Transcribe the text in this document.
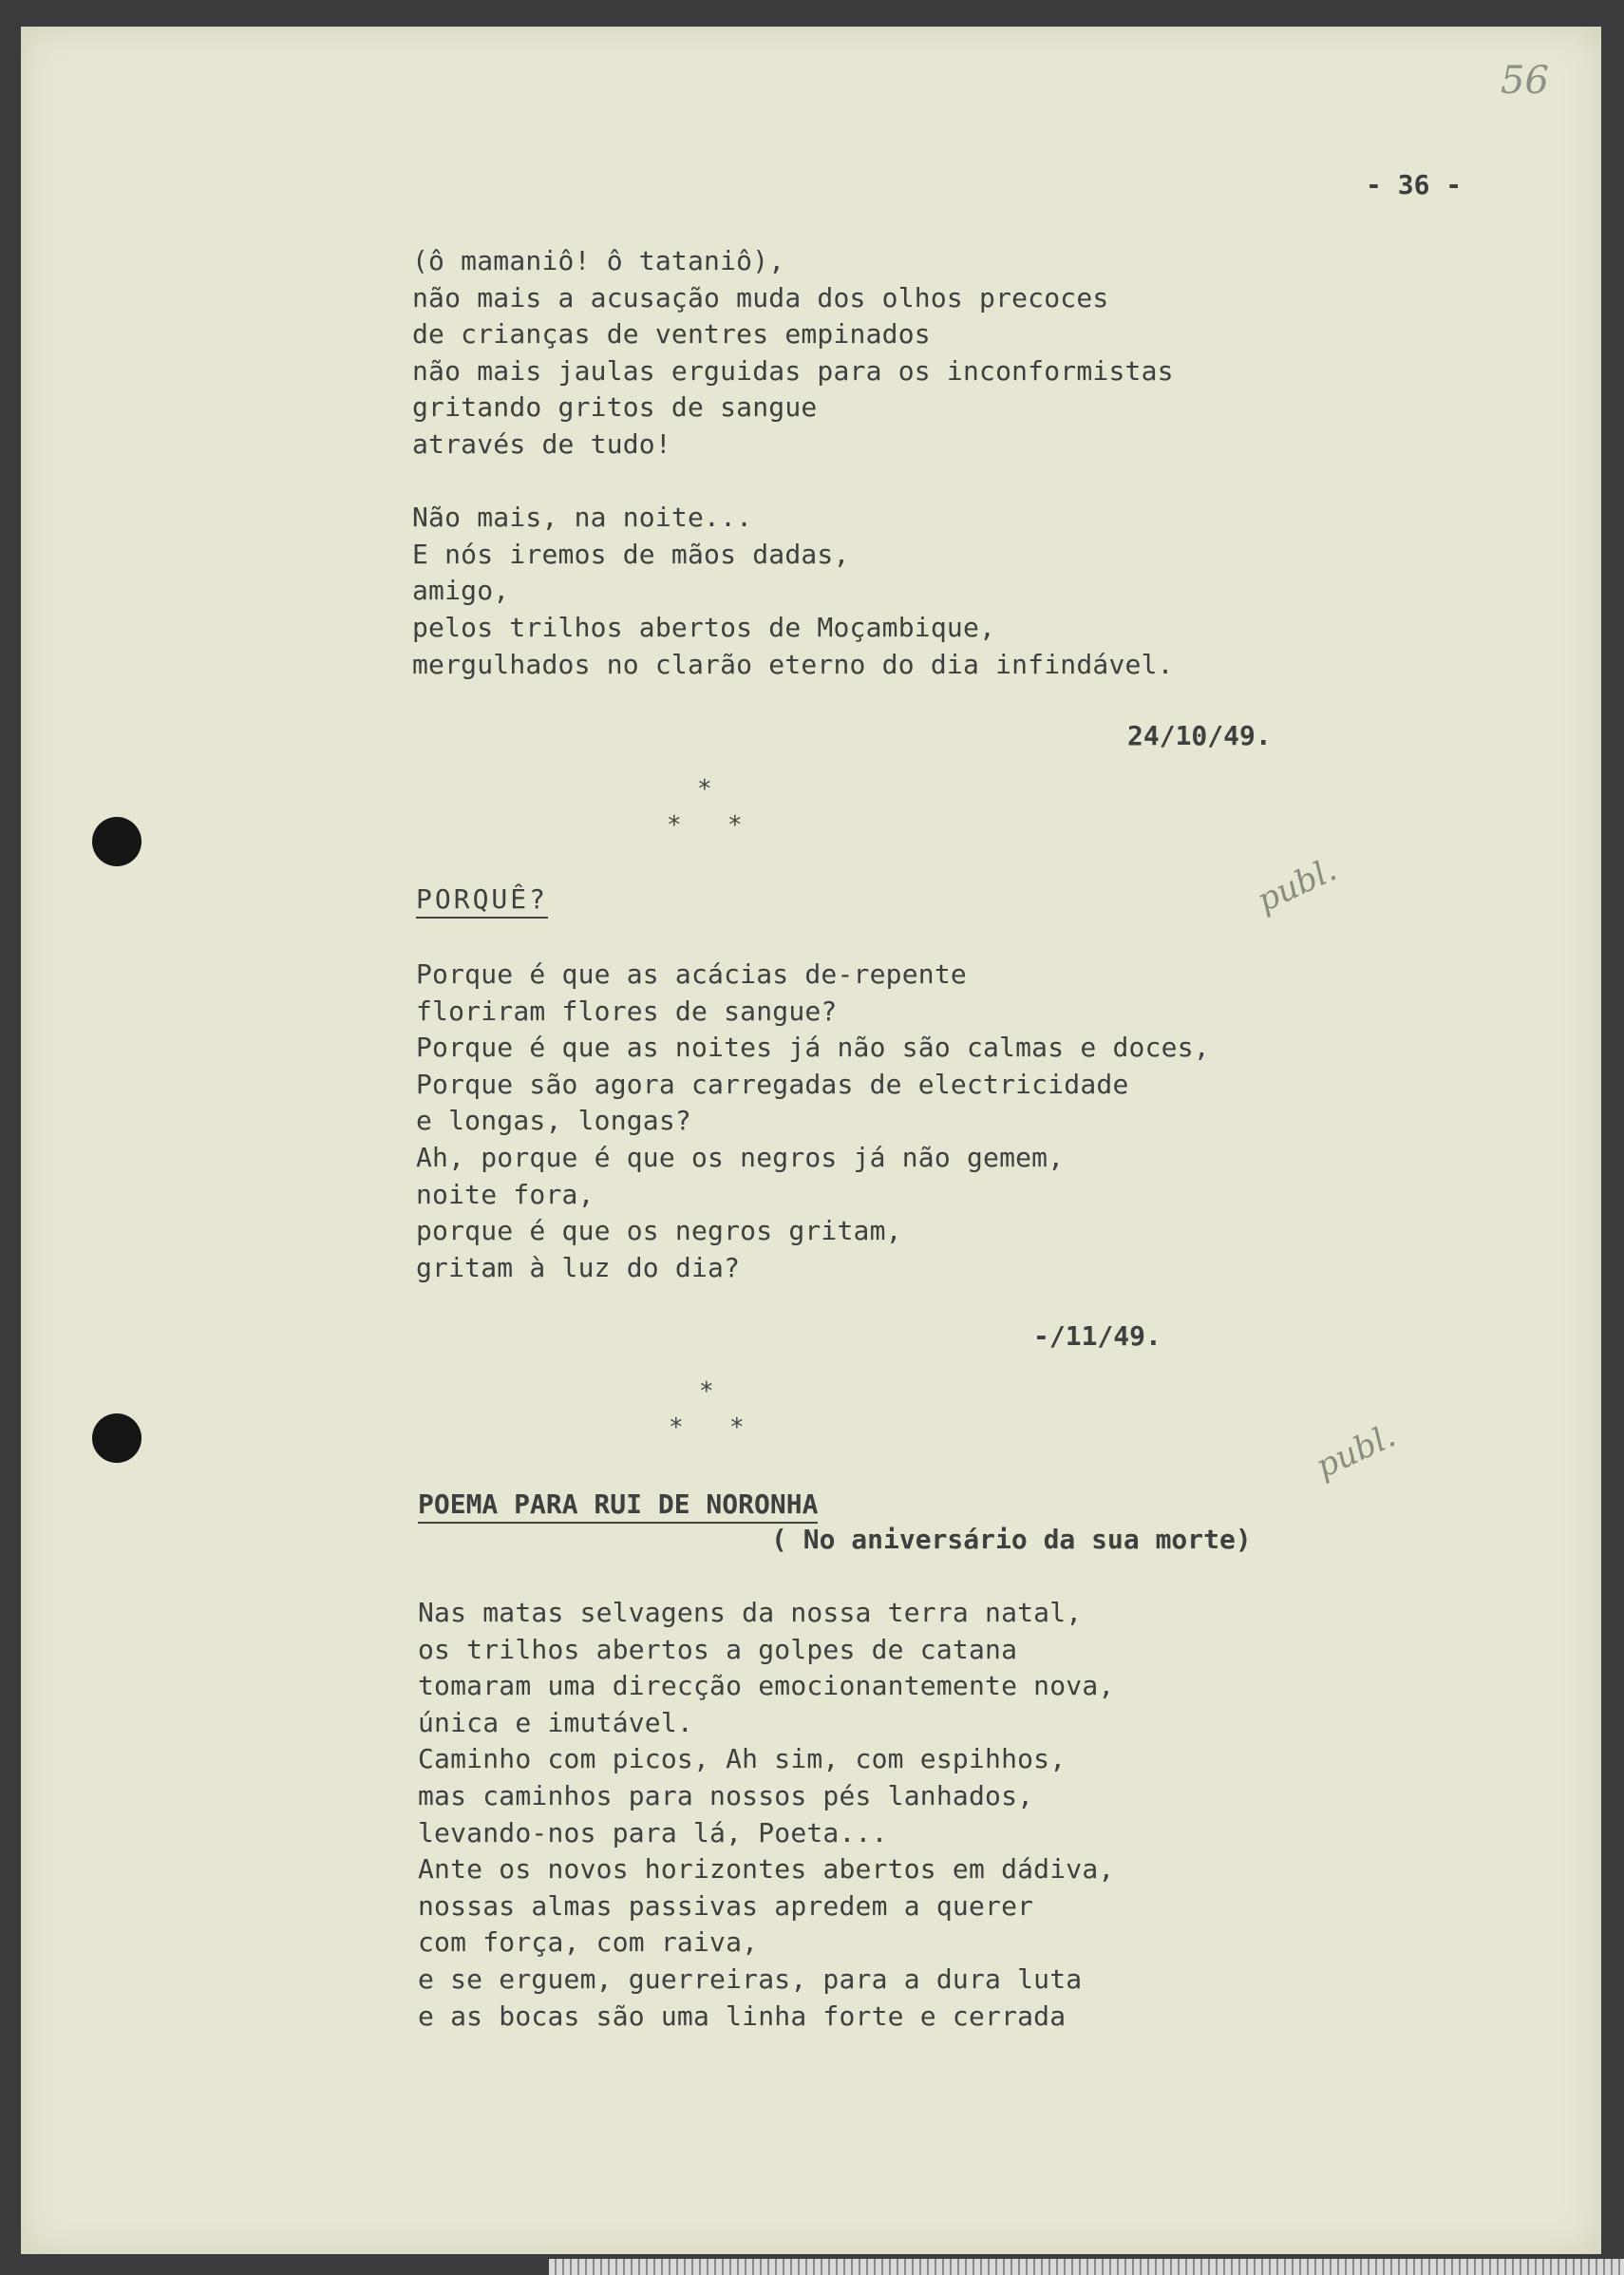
56
- 36 -
(ô mamaniô! ô tataniô),
não mais a acusação muda dos olhos precoces
de crianças de ventres empinados
não mais jaulas erguidas para os inconformistas
gritando gritos de sangue
através de tudo!

Não mais, na noite...
E nós iremos de mãos dadas,
amigo,
pelos trilhos abertos de Moçambique,
mergulhados no clarão eterno do dia infindável.
24/10/49.
*
* *
publ.
PORQUÊ?
Porque é que as acácias de-repente
floriram flores de sangue?
Porque é que as noites já não são calmas e doces,
Porque são agora carregadas de electricidade
e longas, longas?
Ah, porque é que os negros já não gemem,
noite fora,
porque é que os negros gritam,
gritam à luz do dia?
-/11/49.
*
* *	publ.
POEMA PARA RUI DE NORONHA
( No aniversário da sua morte)
Nas matas selvagens da nossa terra natal,
os trilhos abertos a golpes de catana
tomaram uma direcção emocionantemente nova,
única e imutável.
Caminho com picos, Ah sim, com espihhos,
mas caminhos para nossos pés lanhados,
levando-nos para lá, Poeta...
Ante os novos horizontes abertos em dádiva,
nossas almas passivas apredem a querer
com força, com raiva,
e se erguem, guerreiras, para a dura luta
e as bocas são uma linha forte e cerrada
